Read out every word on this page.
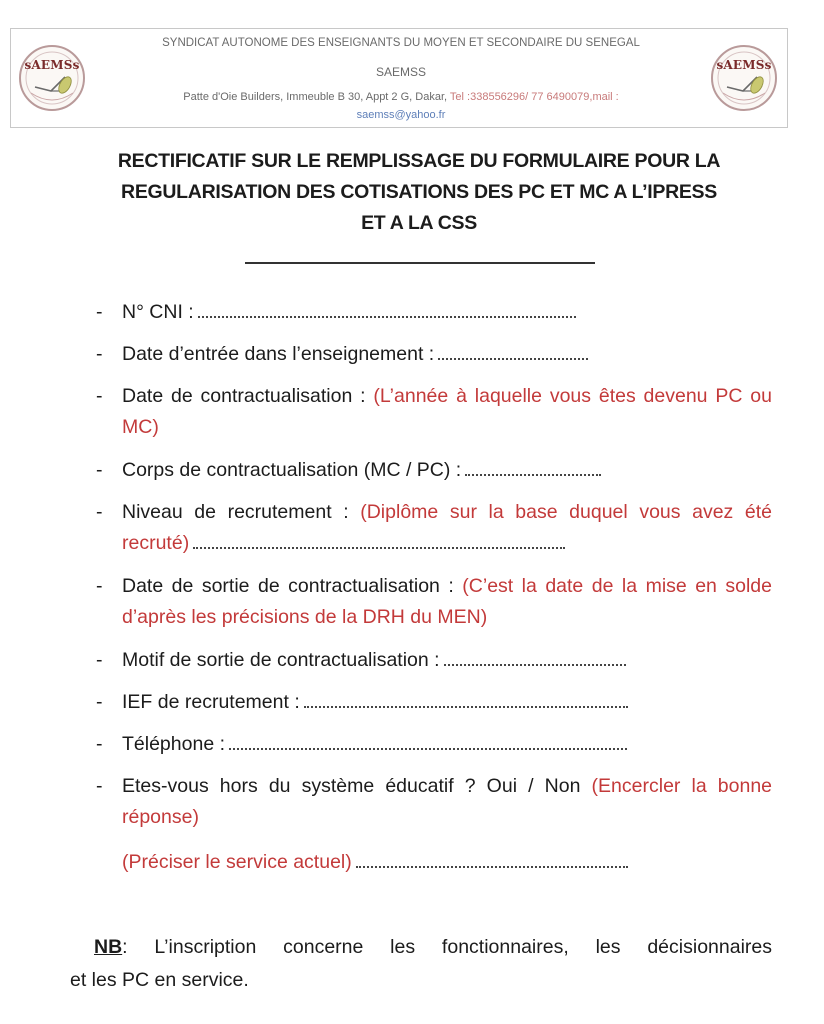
sAEMSs
SYNDICAT AUTONOME DES ENSEIGNANTS DU MOYEN ET SECONDAIRE DU SENEGAL
SAEMSS
Patte d'Oie Builders, Immeuble B 30, Appt 2 G, Dakar, Tel :338556296/ 77 6490079,mail :
saemss@yahoo.fr
sAEMSs
RECTIFICATIF SUR LE REMPLISSAGE DU FORMULAIRE POUR LA
REGULARISATION DES COTISATIONS DES PC ET MC A L’IPRESS
ET A LA CSS
- N° CNI :
- Date d’entrée dans l’enseignement :
- Date de contractualisation : (L’année à laquelle vous êtes devenu PC ou MC)
- Corps de contractualisation (MC / PC) :
- Niveau de recrutement : (Diplôme sur la base duquel vous avez été recruté)
- Date de sortie de contractualisation : (C’est la date de la mise en solde d’après les précisions de la DRH du MEN)
- Motif de sortie de contractualisation :
- IEF de recrutement :
- Téléphone :
- Etes-vous hors du système éducatif ? Oui / Non (Encercler la bonne réponse)
(Préciser le service actuel)
NB: L’inscription concerne les fonctionnaires, les décisionnaires
et les PC en service.
